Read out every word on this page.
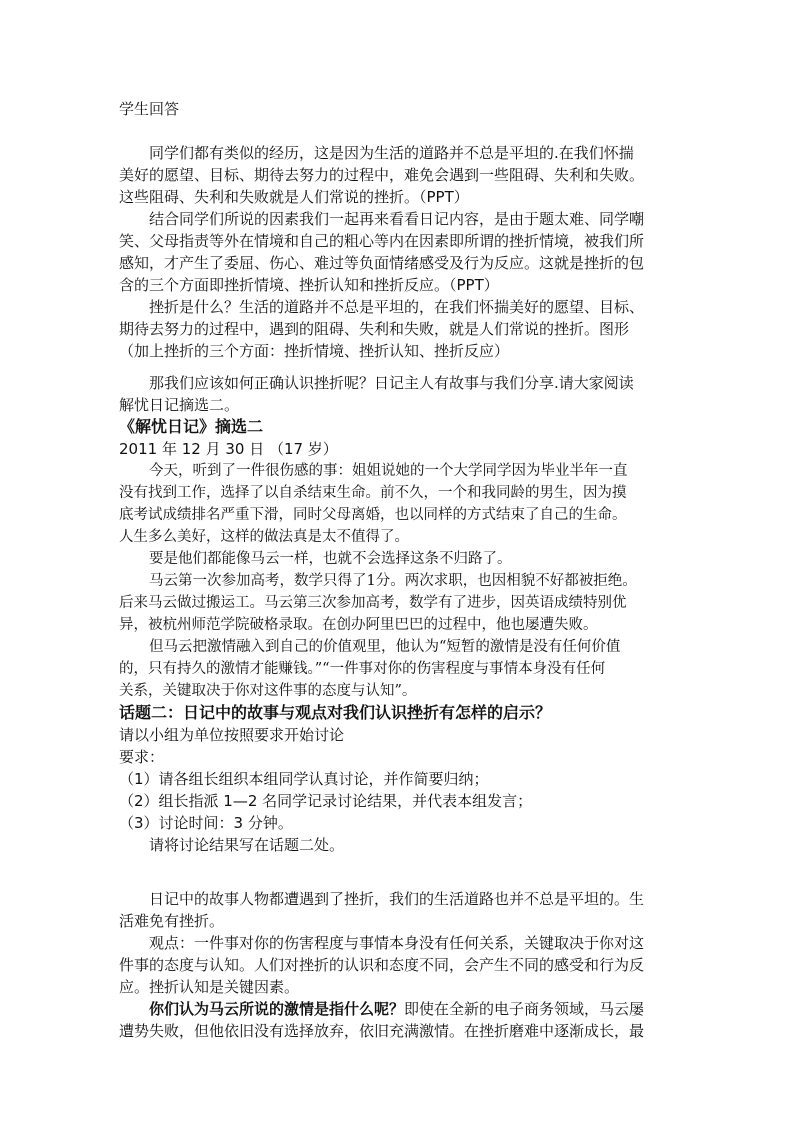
学生回答
同学们都有类似的经历，这是因为生活的道路并不总是平坦的.在我们怀揣
美好的愿望、目标、期待去努力的过程中，难免会遇到一些阻碍、失利和失败。
这些阻碍、失利和失败就是人们常说的挫折。（PPT）
结合同学们所说的因素我们一起再来看看日记内容，是由于题太难、同学嘲
笑、父母指责等外在情境和自己的粗心等内在因素即所谓的挫折情境，被我们所
感知，才产生了委屈、伤心、难过等负面情绪感受及行为反应。这就是挫折的包
含的三个方面即挫折情境、挫折认知和挫折反应。（PPT）
挫折是什么？生活的道路并不总是平坦的，在我们怀揣美好的愿望、目标、
期待去努力的过程中，遇到的阻碍、失利和失败，就是人们常说的挫折。图形
（加上挫折的三个方面：挫折情境、挫折认知、挫折反应）
那我们应该如何正确认识挫折呢？日记主人有故事与我们分享.请大家阅读
解忧日记摘选二。
《解忧日记》摘选二
2011 年 12 月 30 日 （17 岁）
今天，听到了一件很伤感的事：姐姐说她的一个大学同学因为毕业半年一直
没有找到工作，选择了以自杀结束生命。前不久，一个和我同龄的男生，因为摸
底考试成绩排名严重下滑，同时父母离婚，也以同样的方式结束了自己的生命。
人生多么美好，这样的做法真是太不值得了。
要是他们都能像马云一样，也就不会选择这条不归路了。
马云第一次参加高考，数学只得了1分。两次求职，也因相貌不好都被拒绝。
后来马云做过搬运工。马云第三次参加高考，数学有了进步，因英语成绩特别优
异，被杭州师范学院破格录取。在创办阿里巴巴的过程中，他也屡遭失败。
但马云把激情融入到自己的价值观里，他认为“短暂的激情是没有任何价值
的，只有持久的激情才能赚钱。”“一件事对你的伤害程度与事情本身没有任何
关系，关键取决于你对这件事的态度与认知”。
话题二：日记中的故事与观点对我们认识挫折有怎样的启示？
请以小组为单位按照要求开始讨论
要求：
（1）请各组长组织本组同学认真讨论，并作简要归纳；
（2）组长指派 1—2 名同学记录讨论结果，并代表本组发言；
（3）讨论时间：3 分钟。
请将讨论结果写在话题二处。
日记中的故事人物都遭遇到了挫折，我们的生活道路也并不总是平坦的。生
活难免有挫折。
观点：一件事对你的伤害程度与事情本身没有任何关系，关键取决于你对这
件事的态度与认知。人们对挫折的认识和态度不同，会产生不同的感受和行为反
应。挫折认知是关键因素。
你们认为马云所说的激情是指什么呢？即使在全新的电子商务领域，马云屡
遭势失败，但他依旧没有选择放弃，依旧充满激情。在挫折磨难中逐渐成长，最
